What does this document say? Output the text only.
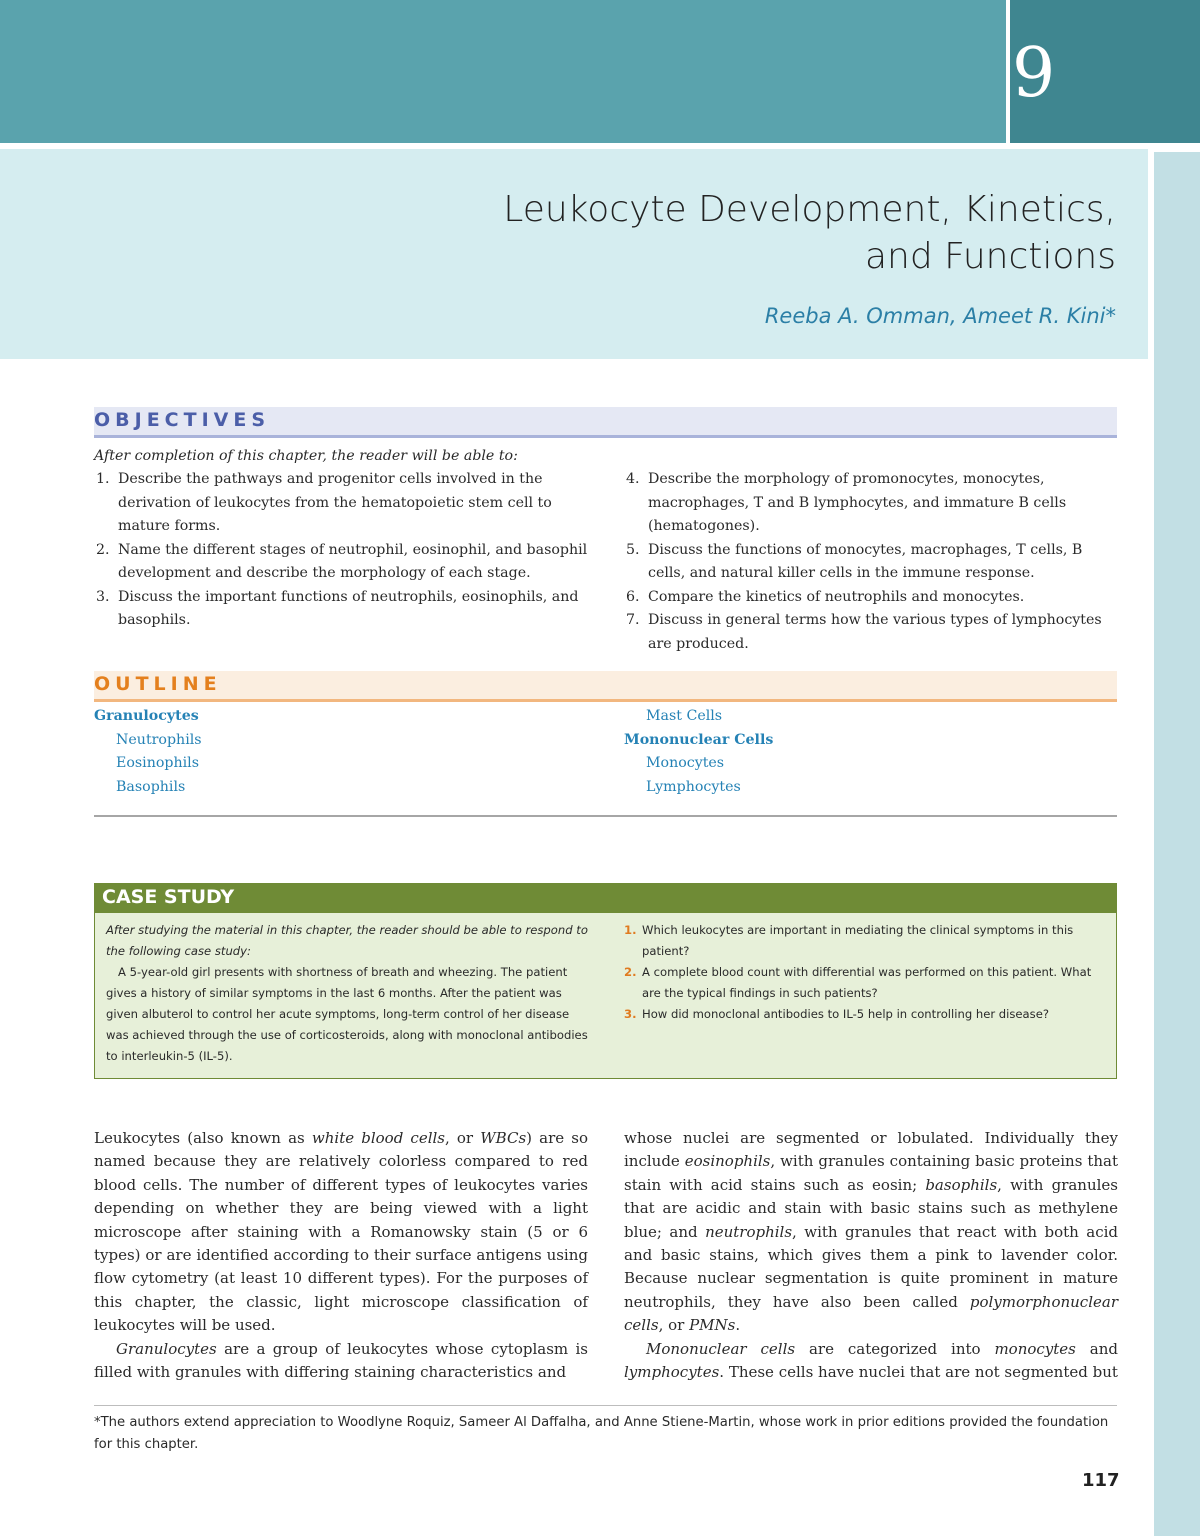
9
Leukocyte Development, Kinetics,
and Functions
Reeba A. Omman, Ameet R. Kini*
OBJECTIVES
After completion of this chapter, the reader will be able to:
1. Describe the pathways and progenitor cells involved in the derivation of leukocytes from the hematopoietic stem cell to mature forms.
2. Name the different stages of neutrophil, eosinophil, and basophil development and describe the morphology of each stage.
3. Discuss the important functions of neutrophils, eosinophils, and basophils.
4. Describe the morphology of promonocytes, monocytes, macrophages, T and B lymphocytes, and immature B cells (hematogones).
5. Discuss the functions of monocytes, macrophages, T cells, B cells, and natural killer cells in the immune response.
6. Compare the kinetics of neutrophils and monocytes.
7. Discuss in general terms how the various types of lymphocytes are produced.
OUTLINE
Granulocytes
Neutrophils
Eosinophils
Basophils
Mast Cells
Mononuclear Cells
Monocytes
Lymphocytes
CASE STUDY
After studying the material in this chapter, the reader should be able to respond to the following case study:
A 5-year-old girl presents with shortness of breath and wheezing. The patient gives a history of similar symptoms in the last 6 months. After the patient was given albuterol to control her acute symptoms, long-term control of her disease was achieved through the use of corticosteroids, along with monoclonal antibodies to interleukin-5 (IL-5).
1. Which leukocytes are important in mediating the clinical symptoms in this patient?
2. A complete blood count with differential was performed on this patient. What are the typical findings in such patients?
3. How did monoclonal antibodies to IL-5 help in controlling her disease?

Leukocytes (also known as white blood cells, or WBCs) are so named because they are relatively colorless compared to red blood cells. The number of different types of leukocytes varies depending on whether they are being viewed with a light microscope after staining with a Romanowsky stain (5 or 6 types) or are identified according to their surface antigens using flow cytometry (at least 10 different types). For the purposes of this chapter, the classic, light microscope classification of leukocytes will be used.

Granulocytes are a group of leukocytes whose cytoplasm is filled with granules with differing staining characteristics and

whose nuclei are segmented or lobulated. Individually they include eosinophils, with granules containing basic proteins that stain with acid stains such as eosin; basophils, with granules that are acidic and stain with basic stains such as methylene blue; and neutrophils, with granules that react with both acid and basic stains, which gives them a pink to lavender color. Because nuclear segmentation is quite prominent in mature neutrophils, they have also been called polymorphonuclear cells, or PMNs.

Mononuclear cells are categorized into monocytes and lymphocytes. These cells have nuclei that are not segmented but

*The authors extend appreciation to Woodlyne Roquiz, Sameer Al Daffalha, and Anne Stiene-Martin, whose work in prior editions provided the foundation for this chapter.
117
